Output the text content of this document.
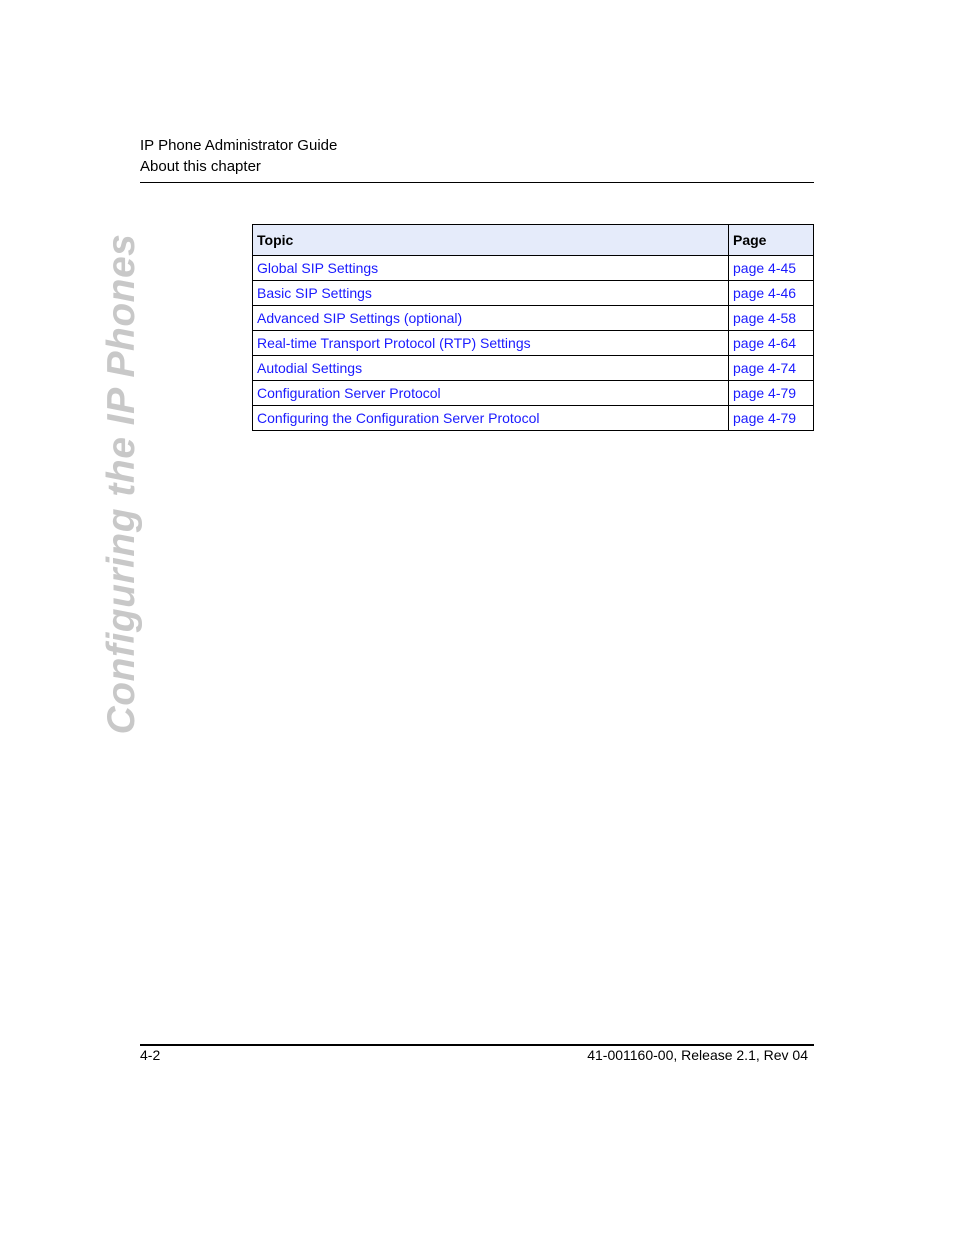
IP Phone Administrator Guide

About this chapter

Configuring the IP Phones	Topic	Page
Global SIP Settings	page 4-45
Basic SIP Settings	page 4-46
Advanced SIP Settings (optional)	page 4-58
Real-time Transport Protocol (RTP) Settings	page 4-64
Autodial Settings	page 4-74
Configuration Server Protocol	page 4-79
Configuring the Configuration Server Protocol	page 4-79
4-2	41-001160-00, Release 2.1, Rev 04
